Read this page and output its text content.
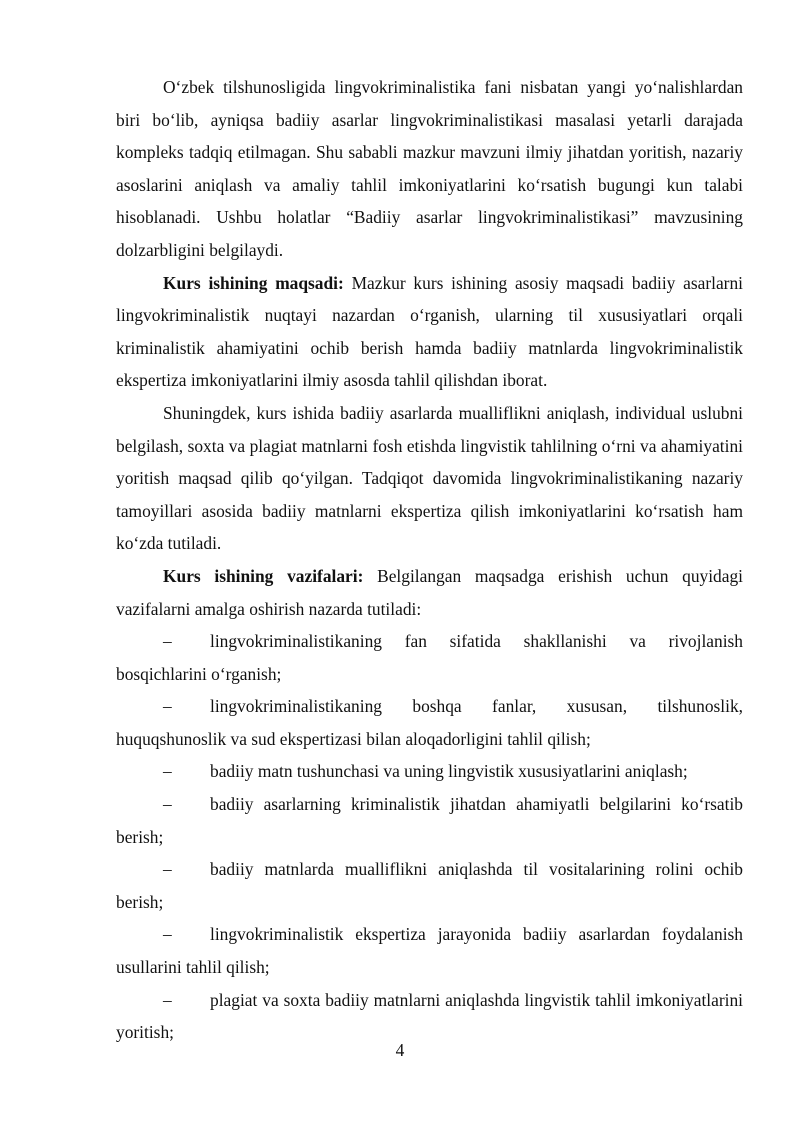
O‘zbek tilshunosligida lingvokriminalistika fani nisbatan yangi yo‘nalishlardan biri bo‘lib, ayniqsa badiiy asarlar lingvokriminalistikasi masalasi yetarli darajada kompleks tadqiq etilmagan. Shu sababli mazkur mavzuni ilmiy jihatdan yoritish, nazariy asoslarini aniqlash va amaliy tahlil imkoniyatlarini ko‘rsatish bugungi kun talabi hisoblanadi. Ushbu holatlar “Badiiy asarlar lingvokriminalistikasi” mavzusining dolzarbligini belgilaydi.

Kurs ishining maqsadi: Mazkur kurs ishining asosiy maqsadi badiiy asarlarni lingvokriminalistik nuqtayi nazardan o‘rganish, ularning til xususiyatlari orqali kriminalistik ahamiyatini ochib berish hamda badiiy matnlarda lingvokriminalistik ekspertiza imkoniyatlarini ilmiy asosda tahlil qilishdan iborat.

Shuningdek, kurs ishida badiiy asarlarda mualliflikni aniqlash, individual uslubni belgilash, soxta va plagiat matnlarni fosh etishda lingvistik tahlilning o‘rni va ahamiyatini yoritish maqsad qilib qo‘yilgan. Tadqiqot davomida lingvokriminalistikaning nazariy tamoyillari asosida badiiy matnlarni ekspertiza qilish imkoniyatlarini ko‘rsatish ham ko‘zda tutiladi.

Kurs ishining vazifalari: Belgilangan maqsadga erishish uchun quyidagi vazifalarni amalga oshirish nazarda tutiladi:

– lingvokriminalistikaning fan sifatida shakllanishi va rivojlanish bosqichlarini o‘rganish;

– lingvokriminalistikaning boshqa fanlar, xususan, tilshunoslik, huquqshunoslik va sud ekspertizasi bilan aloqadorligini tahlil qilish;

– badiiy matn tushunchasi va uning lingvistik xususiyatlarini aniqlash;

– badiiy asarlarning kriminalistik jihatdan ahamiyatli belgilarini ko‘rsatib berish;

– badiiy matnlarda mualliflikni aniqlashda til vositalarining rolini ochib berish;

– lingvokriminalistik ekspertiza jarayonida badiiy asarlardan foydalanish usullarini tahlil qilish;

– plagiat va soxta badiiy matnlarni aniqlashda lingvistik tahlil imkoniyatlarini yoritish;

4
